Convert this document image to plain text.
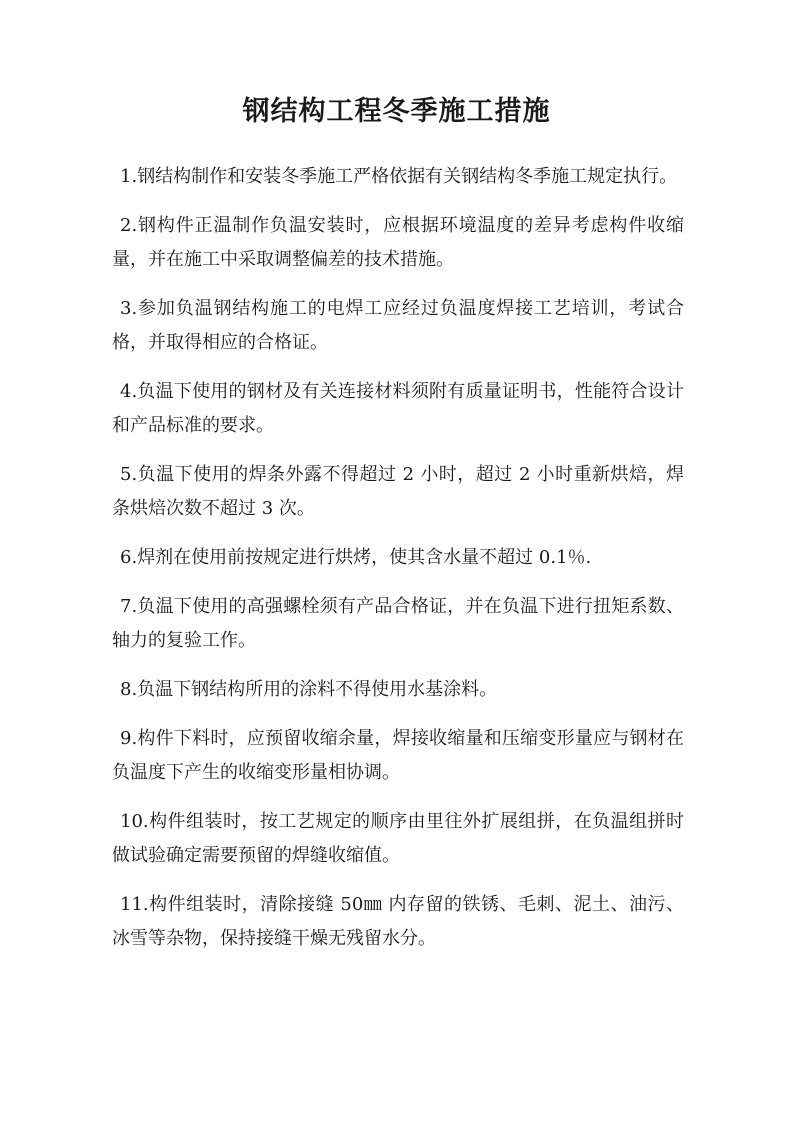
钢结构工程冬季施工措施

1.钢结构制作和安装冬季施工严格依据有关钢结构冬季施工规定执行。

2.钢构件正温制作负温安装时，应根据环境温度的差异考虑构件收缩量，并在施工中采取调整偏差的技术措施。

3.参加负温钢结构施工的电焊工应经过负温度焊接工艺培训，考试合格，并取得相应的合格证。

4.负温下使用的钢材及有关连接材料须附有质量证明书，性能符合设计和产品标准的要求。

5.负温下使用的焊条外露不得超过 2 小时，超过 2 小时重新烘焙，焊条烘焙次数不超过 3 次。

6.焊剂在使用前按规定进行烘烤，使其含水量不超过 0.1％.

7.负温下使用的高强螺栓须有产品合格证，并在负温下进行扭矩系数、轴力的复验工作。

8.负温下钢结构所用的涂料不得使用水基涂料。

9.构件下料时，应预留收缩余量，焊接收缩量和压缩变形量应与钢材在负温度下产生的收缩变形量相协调。

10.构件组装时，按工艺规定的顺序由里往外扩展组拼，在负温组拼时做试验确定需要预留的焊缝收缩值。

11.构件组装时，清除接缝 50㎜ 内存留的铁锈、毛刺、泥土、油污、冰雪等杂物，保持接缝干燥无残留水分。
